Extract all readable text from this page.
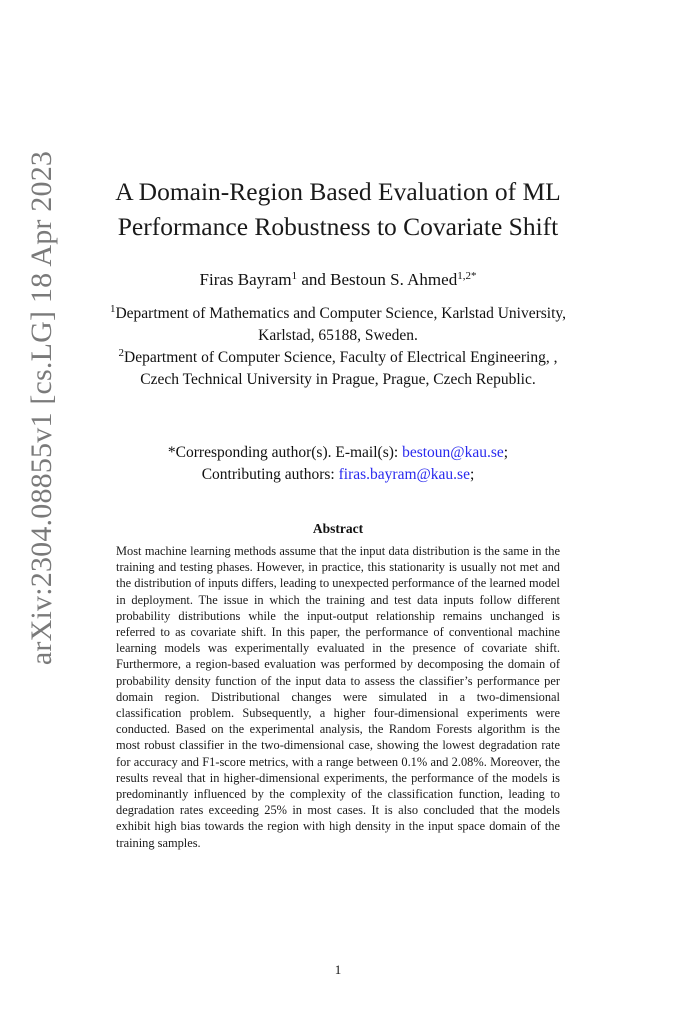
arXiv:2304.08855v1 [cs.LG] 18 Apr 2023	A Domain-Region Based Evaluation of ML Performance Robustness to Covariate Shift
Firas Bayram$^1$ and Bestoun S. Ahmed$^{1,2*}$

$^1$Department of Mathematics and Computer Science, Karlstad University, Karlstad, 65188, Sweden.

$^2$Department of Computer Science, Faculty of Electrical Engineering, , Czech Technical University in Prague, Prague, Czech Republic.

*Corresponding author(s). E-mail(s): bestoun@kau.se;

Contributing authors: firas.bayram@kau.se;

Abstract

Most machine learning methods assume that the input data distribution is the same in the training and testing phases. However, in practice, this stationarity is usually not met and the distribution of inputs differs, leading to unexpected performance of the learned model in deployment. The issue in which the training and test data inputs follow different probability distributions while the input-output relationship remains unchanged is referred to as covariate shift. In this paper, the performance of conventional machine learning models was experimentally evaluated in the presence of covariate shift. Furthermore, a region-based evaluation was performed by decomposing the domain of probability density function of the input data to assess the classifier’s performance per domain region. Distributional changes were simulated in a two-dimensional classification problem. Subsequently, a higher four-dimensional experiments were conducted. Based on the experimental analysis, the Random Forests algorithm is the most robust classifier in the two-dimensional case, showing the lowest degradation rate for accuracy and F1-score metrics, with a range between 0.1% and 2.08%. Moreover, the results reveal that in higher-dimensional experiments, the performance of the models is predominantly influenced by the complexity of the classification function, leading to degradation rates exceeding 25% in most cases. It is also concluded that the models exhibit high bias towards the region with high density in the input space domain of the training samples.

1
